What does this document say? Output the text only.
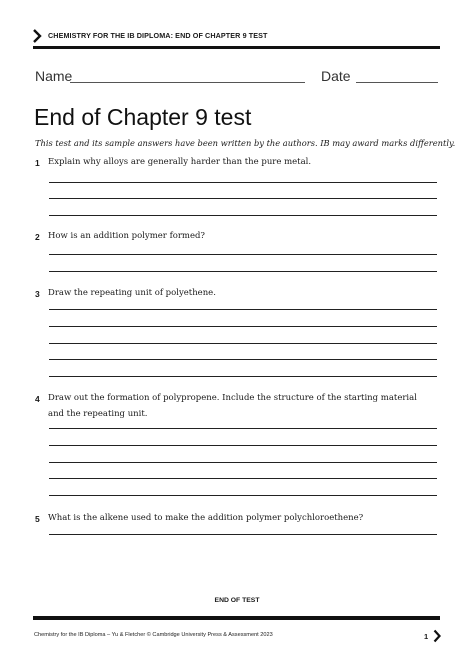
CHEMISTRY FOR THE IB DIPLOMA: END OF CHAPTER 9 TEST
Name	Date
End of Chapter 9 test
This test and its sample answers have been written by the authors. IB may award marks differently.
1 Explain why alloys are generally harder than the pure metal.
2 How is an addition polymer formed?
3 Draw the repeating unit of polyethene.
4 Draw out the formation of polypropene. Include the structure of the starting material and the repeating unit.
5 What is the alkene used to make the addition polymer polychloroethene?
END OF TEST
Chemistry for the IB Diploma – Yu & Fletcher © Cambridge University Press & Assessment 2023	1
